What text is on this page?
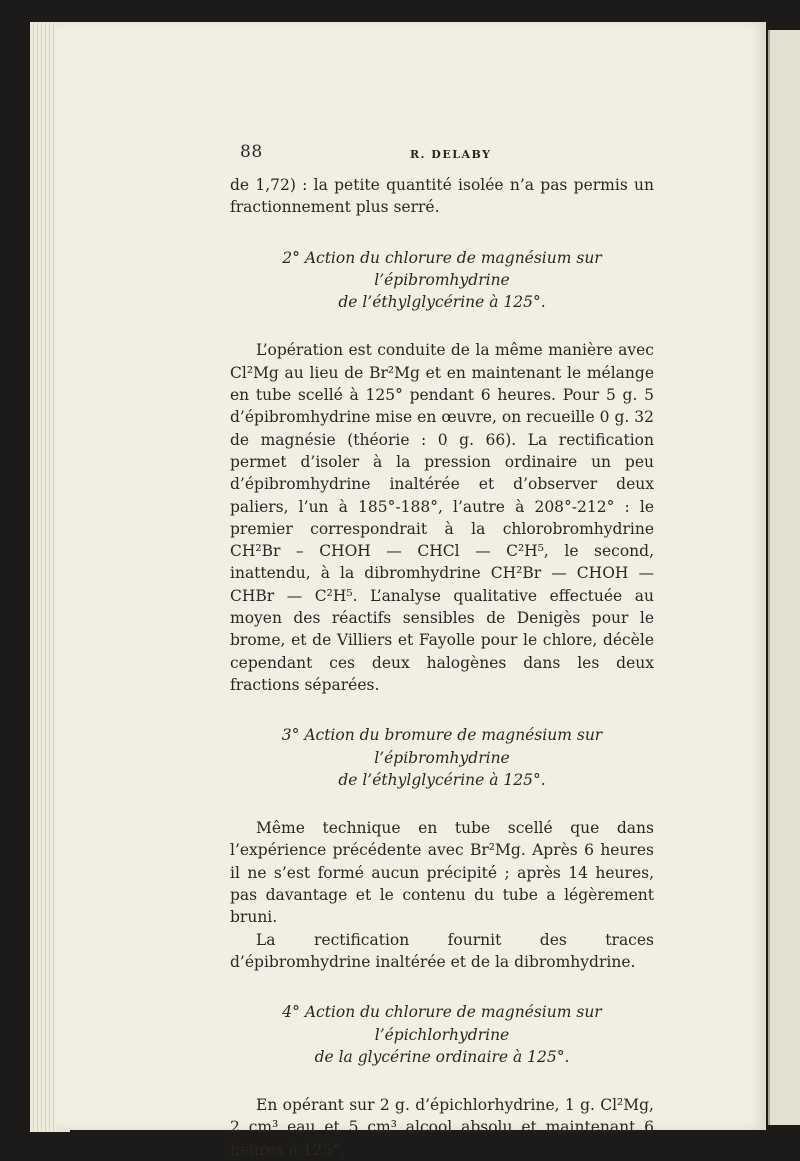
88	R. DELABY

de 1,72) : la petite quantité isolée n’a pas permis un fractionnement plus serré.

2° Action du chlorure de magnésium sur l’épibromhydrine
de l’éthylglycérine à 125°.

L’opération est conduite de la même manière avec Cl²Mg au lieu de Br²Mg et en maintenant le mélange en tube scellé à 125° pendant 6 heures. Pour 5 g. 5 d’épibromhydrine mise en œuvre, on recueille 0 g. 32 de magnésie (théorie : 0 g. 66). La rectification permet d’isoler à la pression ordinaire un peu d’épibromhydrine inaltérée et d’observer deux paliers, l’un à 185°-188°, l’autre à 208°-212° : le premier correspondrait à la chlorobromhydrine CH²Br – CHOH — CHCl — C²H⁵, le second, inattendu, à la dibromhydrine CH²Br — CHOH — CHBr — C²H⁵. L’analyse qualitative effectuée au moyen des réactifs sensibles de Denigès pour le brome, et de Villiers et Fayolle pour le chlore, décèle cependant ces deux halogènes dans les deux fractions séparées.

3° Action du bromure de magnésium sur l’épibromhydrine
de l’éthylglycérine à 125°.

Même technique en tube scellé que dans l’expérience précédente avec Br²Mg. Après 6 heures il ne s’est formé aucun précipité ; après 14 heures, pas davantage et le contenu du tube a légèrement bruni.

La rectification fournit des traces d’épibromhydrine inaltérée et de la dibromhydrine.

4° Action du chlorure de magnésium sur l’épichlorhydrine
de la glycérine ordinaire à 125°.

En opérant sur 2 g. d’épichlorhydrine, 1 g. Cl²Mg, 2 cm³ eau et 5 cm³ alcool absolu et maintenant 6 heures à 125°,
